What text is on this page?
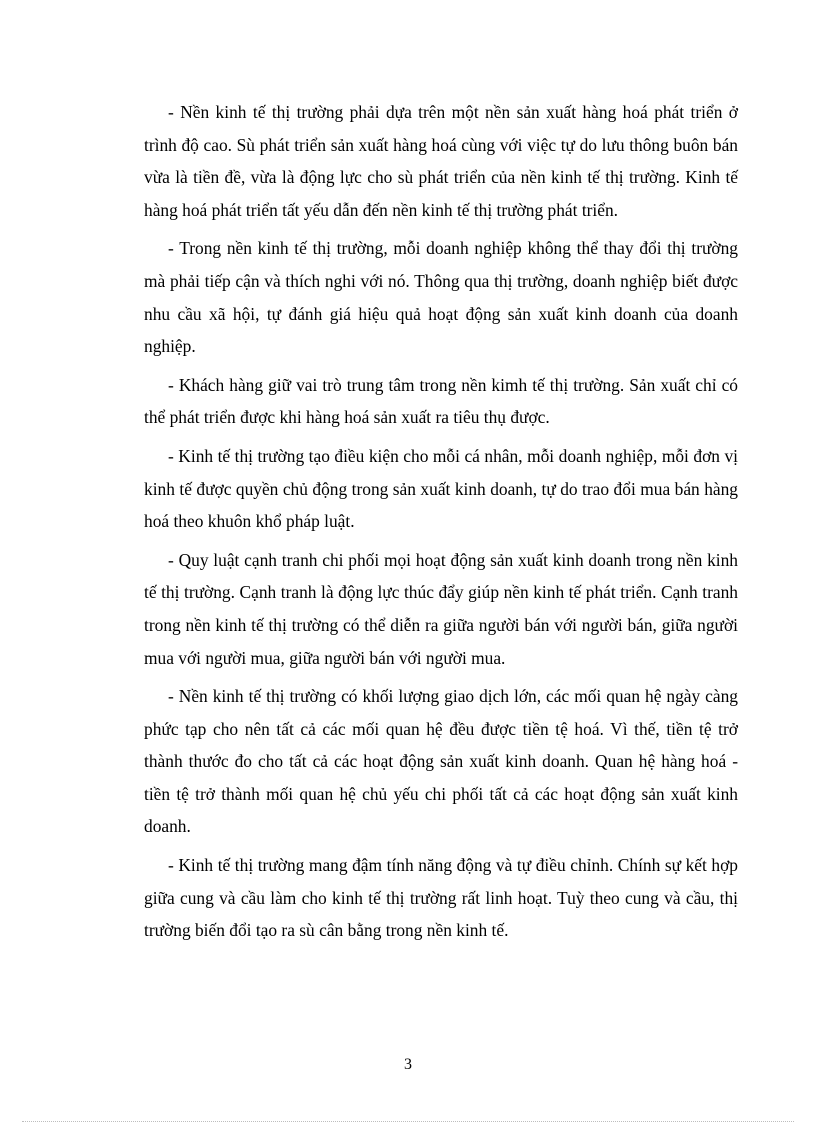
- Nền kinh tế thị trường phải dựa trên một nền sản xuất hàng hoá phát triển ở trình độ cao. Sù phát triển sản xuất hàng hoá cùng với việc tự do lưu thông buôn bán vừa là tiền đề, vừa là động lực cho sù phát triển của nền kinh tế thị trường. Kinh tế hàng hoá phát triển tất yếu dẫn đến nền kinh tế thị trường phát triển.

- Trong nền kinh tế thị trường, mỗi doanh nghiệp không thể thay đổi thị trường mà phải tiếp cận và thích nghi với nó. Thông qua thị trường, doanh nghiệp biết được nhu cầu xã hội, tự đánh giá hiệu quả hoạt động sản xuất kinh doanh của doanh nghiệp.

- Khách hàng giữ vai trò trung tâm trong nền kimh tế thị trường. Sản xuất chỉ có thể phát triển được khi hàng hoá sản xuất ra tiêu thụ được.

- Kinh tế thị trường tạo điều kiện cho mỗi cá nhân, mỗi doanh nghiệp, mỗi đơn vị kinh tế được quyền chủ động trong sản xuất kinh doanh, tự do trao đổi mua bán hàng hoá theo khuôn khổ pháp luật.

- Quy luật cạnh tranh chi phối mọi hoạt động sản xuất kinh doanh trong nền kinh tế thị trường. Cạnh tranh là động lực thúc đẩy giúp nền kinh tế phát triển. Cạnh tranh trong nền kinh tế thị trường có thể diễn ra giữa người bán với người bán, giữa người mua với người mua, giữa người bán với người mua.

- Nền kinh tế thị trường có khối lượng giao dịch lớn, các mối quan hệ ngày càng phức tạp cho nên tất cả các mối quan hệ đều được tiền tệ hoá. Vì thế, tiền tệ trở thành thước đo cho tất cả các hoạt động sản xuất kinh doanh. Quan hệ hàng hoá - tiền tệ trở thành mối quan hệ chủ yếu chi phối tất cả các hoạt động sản xuất kinh doanh.

- Kinh tế thị trường mang đậm tính năng động và tự điều chỉnh. Chính sự kết hợp giữa cung và cầu làm cho kinh tế thị trường rất linh hoạt. Tuỳ theo cung và cầu, thị trường biến đổi tạo ra sù cân bằng trong nền kinh tế.

3
